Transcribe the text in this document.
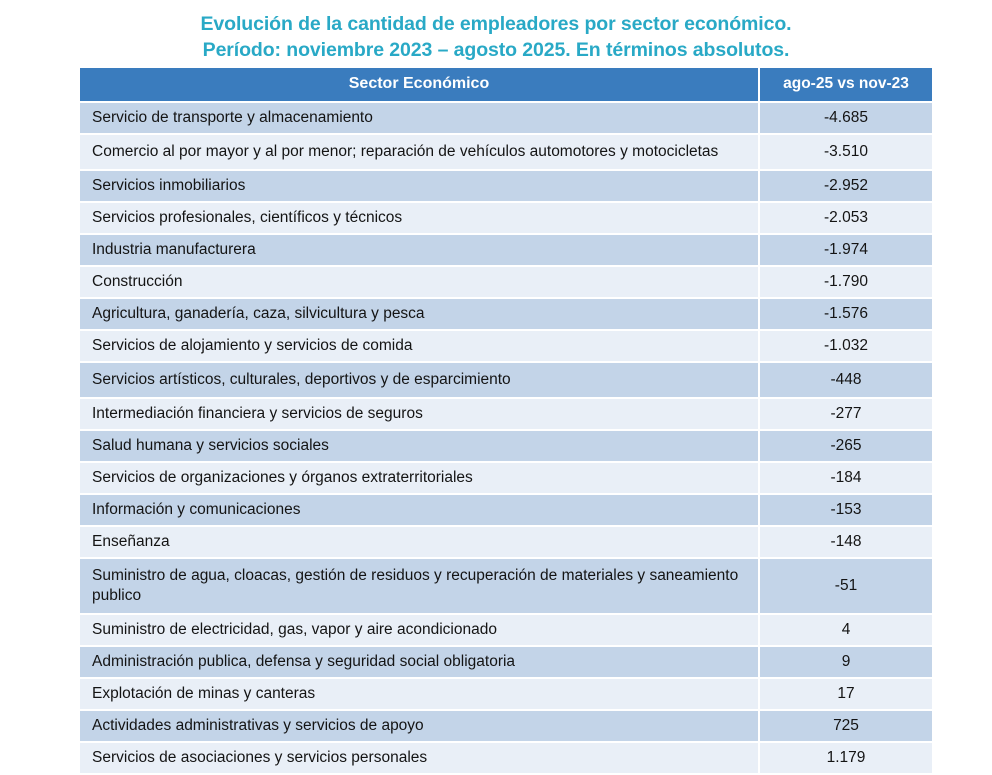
Evolución de la cantidad de empleadores por sector económico.
Período: noviembre 2023 – agosto 2025. En términos absolutos.
Sector Económico	ago-25 vs nov-23
Servicio de transporte y almacenamiento	-4.685
Comercio al por mayor y al por menor; reparación de vehículos automotores y motocicletas	-3.510
Servicios inmobiliarios	-2.952
Servicios profesionales, científicos y técnicos	-2.053
Industria manufacturera	-1.974
Construcción	-1.790
Agricultura, ganadería, caza, silvicultura y pesca	-1.576
Servicios de alojamiento y servicios de comida	-1.032
Servicios artísticos, culturales, deportivos y de esparcimiento	-448
Intermediación financiera y servicios de seguros	-277
Salud humana y servicios sociales	-265
Servicios de organizaciones y órganos extraterritoriales	-184
Información y comunicaciones	-153
Enseñanza	-148
Suministro de agua, cloacas, gestión de residuos y recuperación de materiales y saneamiento publico	-51
Suministro de electricidad, gas, vapor y aire acondicionado	4
Administración publica, defensa y seguridad social obligatoria	9
Explotación de minas y canteras	17
Actividades administrativas y servicios de apoyo	725
Servicios de asociaciones y servicios personales	1.179
